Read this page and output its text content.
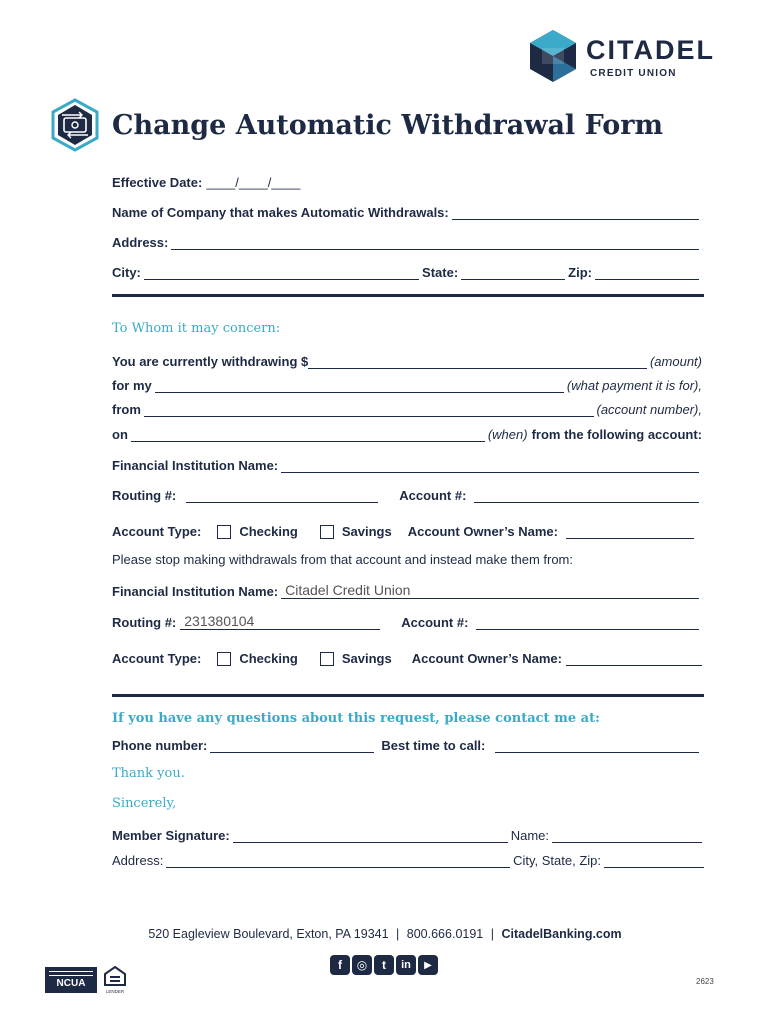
CITADEL
CREDIT UNION
Change Automatic Withdrawal Form
Effective Date: ____/____/____
Name of Company that makes Automatic Withdrawals:
Address:
City:	State:	Zip:
To Whom it may concern:
You are currently withdrawing $	(amount)
for my	(what payment it is for),
from	(account number),
on	(when) from the following account:
Financial Institution Name:
Routing #:	Account #:
Account Type:	Checking	Savings Account Owner’s Name:
Please stop making withdrawals from that account and instead make them from:
Financial Institution Name: Citadel Credit Union
Routing #: 231380104	Account #:
Account Type:	Checking	Savings Account Owner’s Name:
If you have any questions about this request, please contact me at:
Phone number:	Best time to call:
Thank you.
Sincerely,
Member Signature:	Name:
Address:	City, State, Zip:
520 Eagleview Boulevard, Exton, PA 19341 | 800.666.0191 | CitadelBanking.com
f	◎	t	in	▶
NCUA
LENDER
2623
